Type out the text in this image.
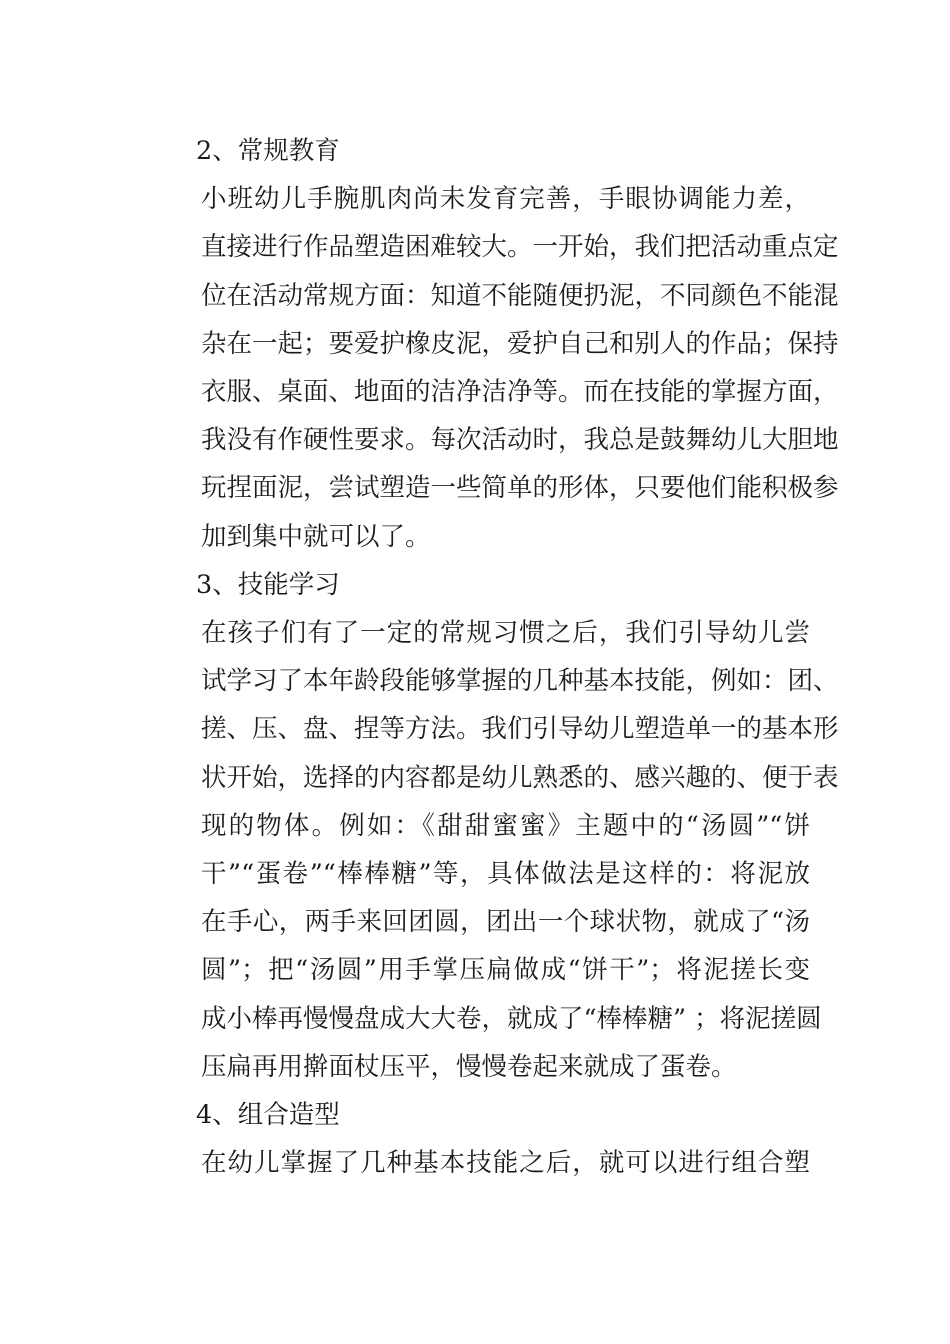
2、常规教育

小班幼儿手腕肌肉尚未发育完善，手眼协调能力差，
直接进行作品塑造困难较大。一开始，我们把活动重点定
位在活动常规方面：知道不能随便扔泥，不同颜色不能混
杂在一起；要爱护橡皮泥，爱护自己和别人的作品；保持
衣服、桌面、地面的洁净洁净等。而在技能的掌握方面，
我没有作硬性要求。每次活动时，我总是鼓舞幼儿大胆地
玩捏面泥，尝试塑造一些简单的形体，只要他们能积极参
加到集中就可以了。

3、技能学习

在孩子们有了一定的常规习惯之后，我们引导幼儿尝
试学习了本年龄段能够掌握的几种基本技能，例如：团、
搓、压、盘、捏等方法。我们引导幼儿塑造单一的基本形
状开始，选择的内容都是幼儿熟悉的、感兴趣的、便于表
现的物体。例如：《甜甜蜜蜜》主题中的“汤圆”“饼
干”“蛋卷”“棒棒糖”等，具体做法是这样的：将泥放
在手心，两手来回团圆，团出一个球状物，就成了“汤
圆”；把“汤圆”用手掌压扁做成“饼干”；将泥搓长变
成小棒再慢慢盘成大大卷，就成了“棒棒糖” ；将泥搓圆
压扁再用擀面杖压平，慢慢卷起来就成了蛋卷。

4、组合造型

在幼儿掌握了几种基本技能之后，就可以进行组合塑
